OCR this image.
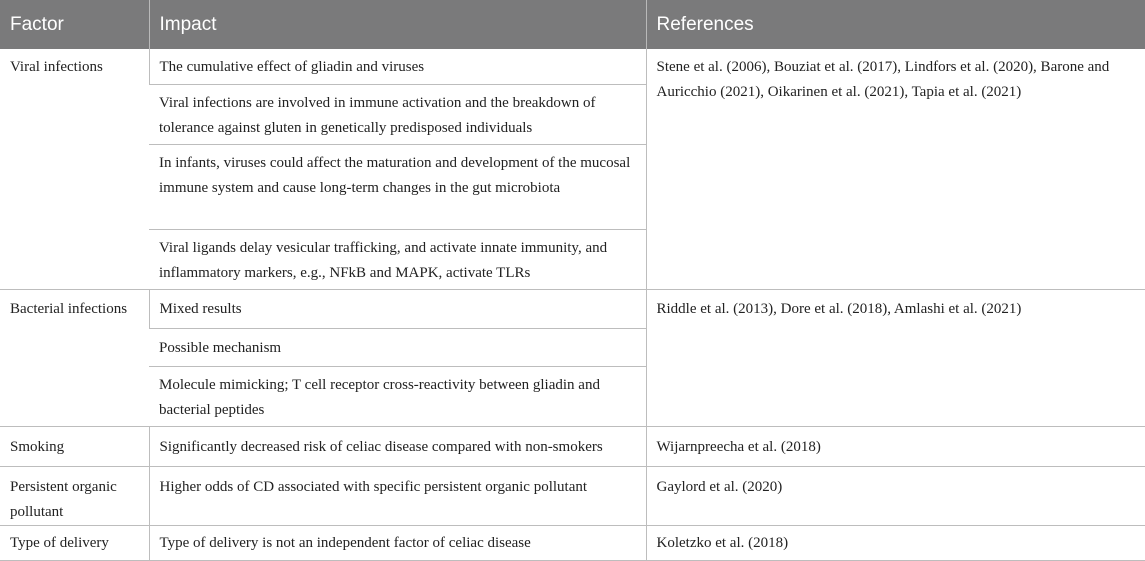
Factor	Impact	References

Viral infections	The cumulative effect of gliadin and viruses	Stene et al. (2006), Bouziat et al. (2017), Lindfors et al. (2020), Barone and Auricchio (2021), Oikarinen et al. (2021), Tapia et al. (2021)

	Viral infections are involved in immune activation and the breakdown of tolerance against gluten in genetically predisposed individuals	

	In infants, viruses could affect the maturation and development of the mucosal immune system and cause long-term changes in the gut microbiota	

	Viral ligands delay vesicular trafficking, and activate innate immunity, and inflammatory markers, e.g., NFkB and MAPK, activate TLRs	

Bacterial infections	Mixed results	Riddle et al. (2013), Dore et al. (2018), Amlashi et al. (2021)

	Possible mechanism	

	Molecule mimicking; T cell receptor cross-reactivity between gliadin and bacterial peptides	

Smoking	Significantly decreased risk of celiac disease compared with non-smokers	Wijarnpreecha et al. (2018)

Persistent organic pollutant	Higher odds of CD associated with specific persistent organic pollutant	Gaylord et al. (2020)

Type of delivery	Type of delivery is not an independent factor of celiac disease	Koletzko et al. (2018)
